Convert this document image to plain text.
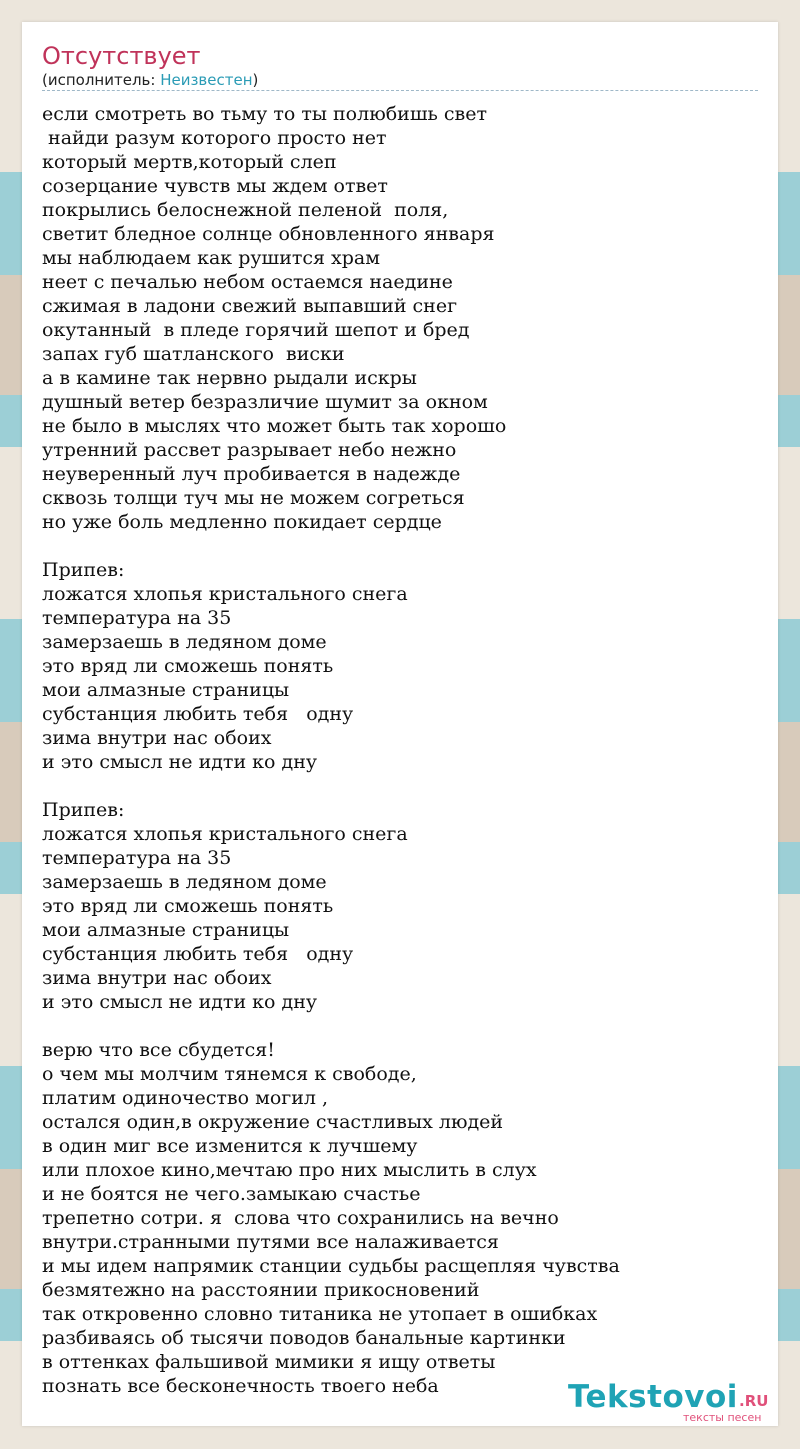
Отсутствует
(исполнитель: Неизвестен)
если смотреть во тьму то ты полюбишь свет
найди разум которого просто нет
который мертв,который слеп
созерцание чувств мы ждем ответ
покрылись белоснежной пеленой  поля,
светит бледное солнце обновленного января
мы наблюдаем как рушится храм
неет с печалью небом остаемся наедине
сжимая в ладони свежий выпавший снег
окутанный  в пледе горячий шепот и бред
запах губ шатланского  виски
а в камине так нервно рыдали искры
душный ветер безразличие шумит за окном
не было в мыслях что может быть так хорошо
утренний рассвет разрывает небо нежно
неуверенный луч пробивается в надежде
сквозь толщи туч мы не можем согреться
но уже боль медленно покидает сердце
Припев:
ложатся хлопья кристального снега
температура на 35
замерзаешь в ледяном доме
это вряд ли сможешь понять
мои алмазные страницы
субстанция любить тебя   одну
зима внутри нас обоих
и это смысл не идти ко дну
Припев:
ложатся хлопья кристального снега
температура на 35
замерзаешь в ледяном доме
это вряд ли сможешь понять
мои алмазные страницы
субстанция любить тебя   одну
зима внутри нас обоих
и это смысл не идти ко дну
верю что все сбудется!
о чем мы молчим тянемся к свободе,
платим одиночество могил ,
остался один,в окружение счастливых людей
в один миг все изменится к лучшему
или плохое кино,мечтаю про них мыслить в слух
и не боятся не чего.замыкаю счастье
трепетно сотри. я  слова что сохранились на вечно
внутри.странными путями все налаживается
и мы идем напрямик станции судьбы расщепляя чувства
безмятежно на расстоянии прикосновений
так откровенно словно титаника не утопает в ошибках
разбиваясь об тысячи поводов банальные картинки
в оттенках фальшивой мимики я ищу ответы
познать все бесконечность твоего неба	Tekstovoi .RU
тексты песен
